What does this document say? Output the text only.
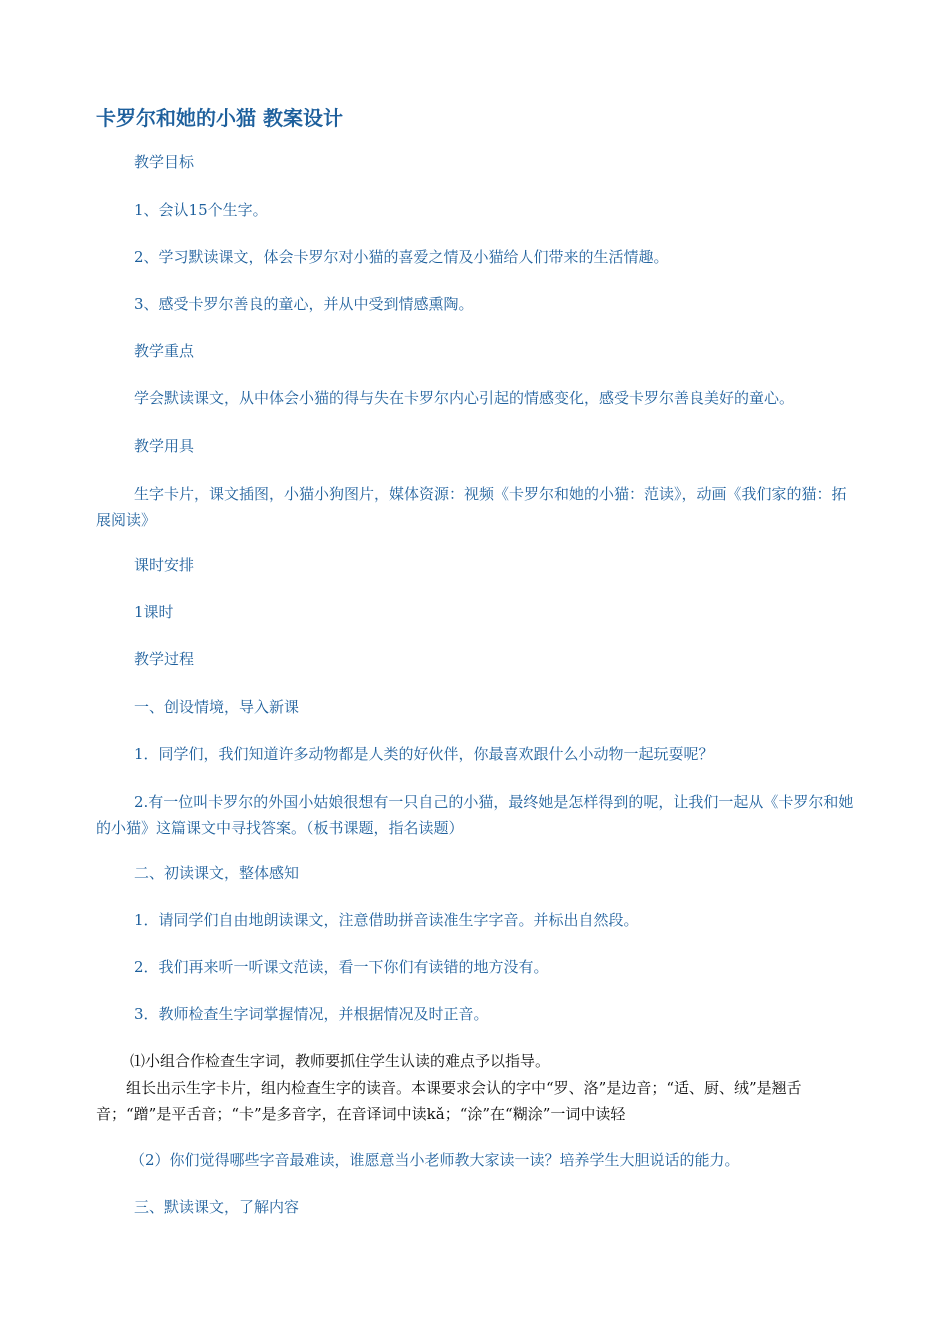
卡罗尔和她的小猫 教案设计
教学目标
1、会认15个生字。
2、学习默读课文，体会卡罗尔对小猫的喜爱之情及小猫给人们带来的生活情趣。
3、感受卡罗尔善良的童心，并从中受到情感熏陶。
教学重点
学会默读课文，从中体会小猫的得与失在卡罗尔内心引起的情感变化，感受卡罗尔善良美好的童心。
教学用具
生字卡片，课文插图，小猫小狗图片，媒体资源：视频《卡罗尔和她的小猫：范读》，动画《我们家的猫：拓展阅读》
课时安排
1课时
教学过程
一、创设情境，导入新课
1．同学们，我们知道许多动物都是人类的好伙伴，你最喜欢跟什么小动物一起玩耍呢？
2.有一位叫卡罗尔的外国小姑娘很想有一只自己的小猫，最终她是怎样得到的呢，让我们一起从《卡罗尔和她的小猫》这篇课文中寻找答案。（板书课题，指名读题）
二、初读课文，整体感知
1．请同学们自由地朗读课文，注意借助拼音读准生字字音。并标出自然段。
2．我们再来听一听课文范读，看一下你们有读错的地方没有。
3．教师检查生字词掌握情况，并根据情况及时正音。
⑴小组合作检查生字词，教师要抓住学生认读的难点予以指导。
组长出示生字卡片，组内检查生字的读音。本课要求会认的字中“罗、洛”是边音；“适、厨、绒”是翘舌音；“蹭”是平舌音；“卡”是多音字，在音译词中读kǎ；“涂”在“糊涂”一词中读轻
（2）你们觉得哪些字音最难读，谁愿意当小老师教大家读一读？培养学生大胆说话的能力。
三、默读课文，了解内容
